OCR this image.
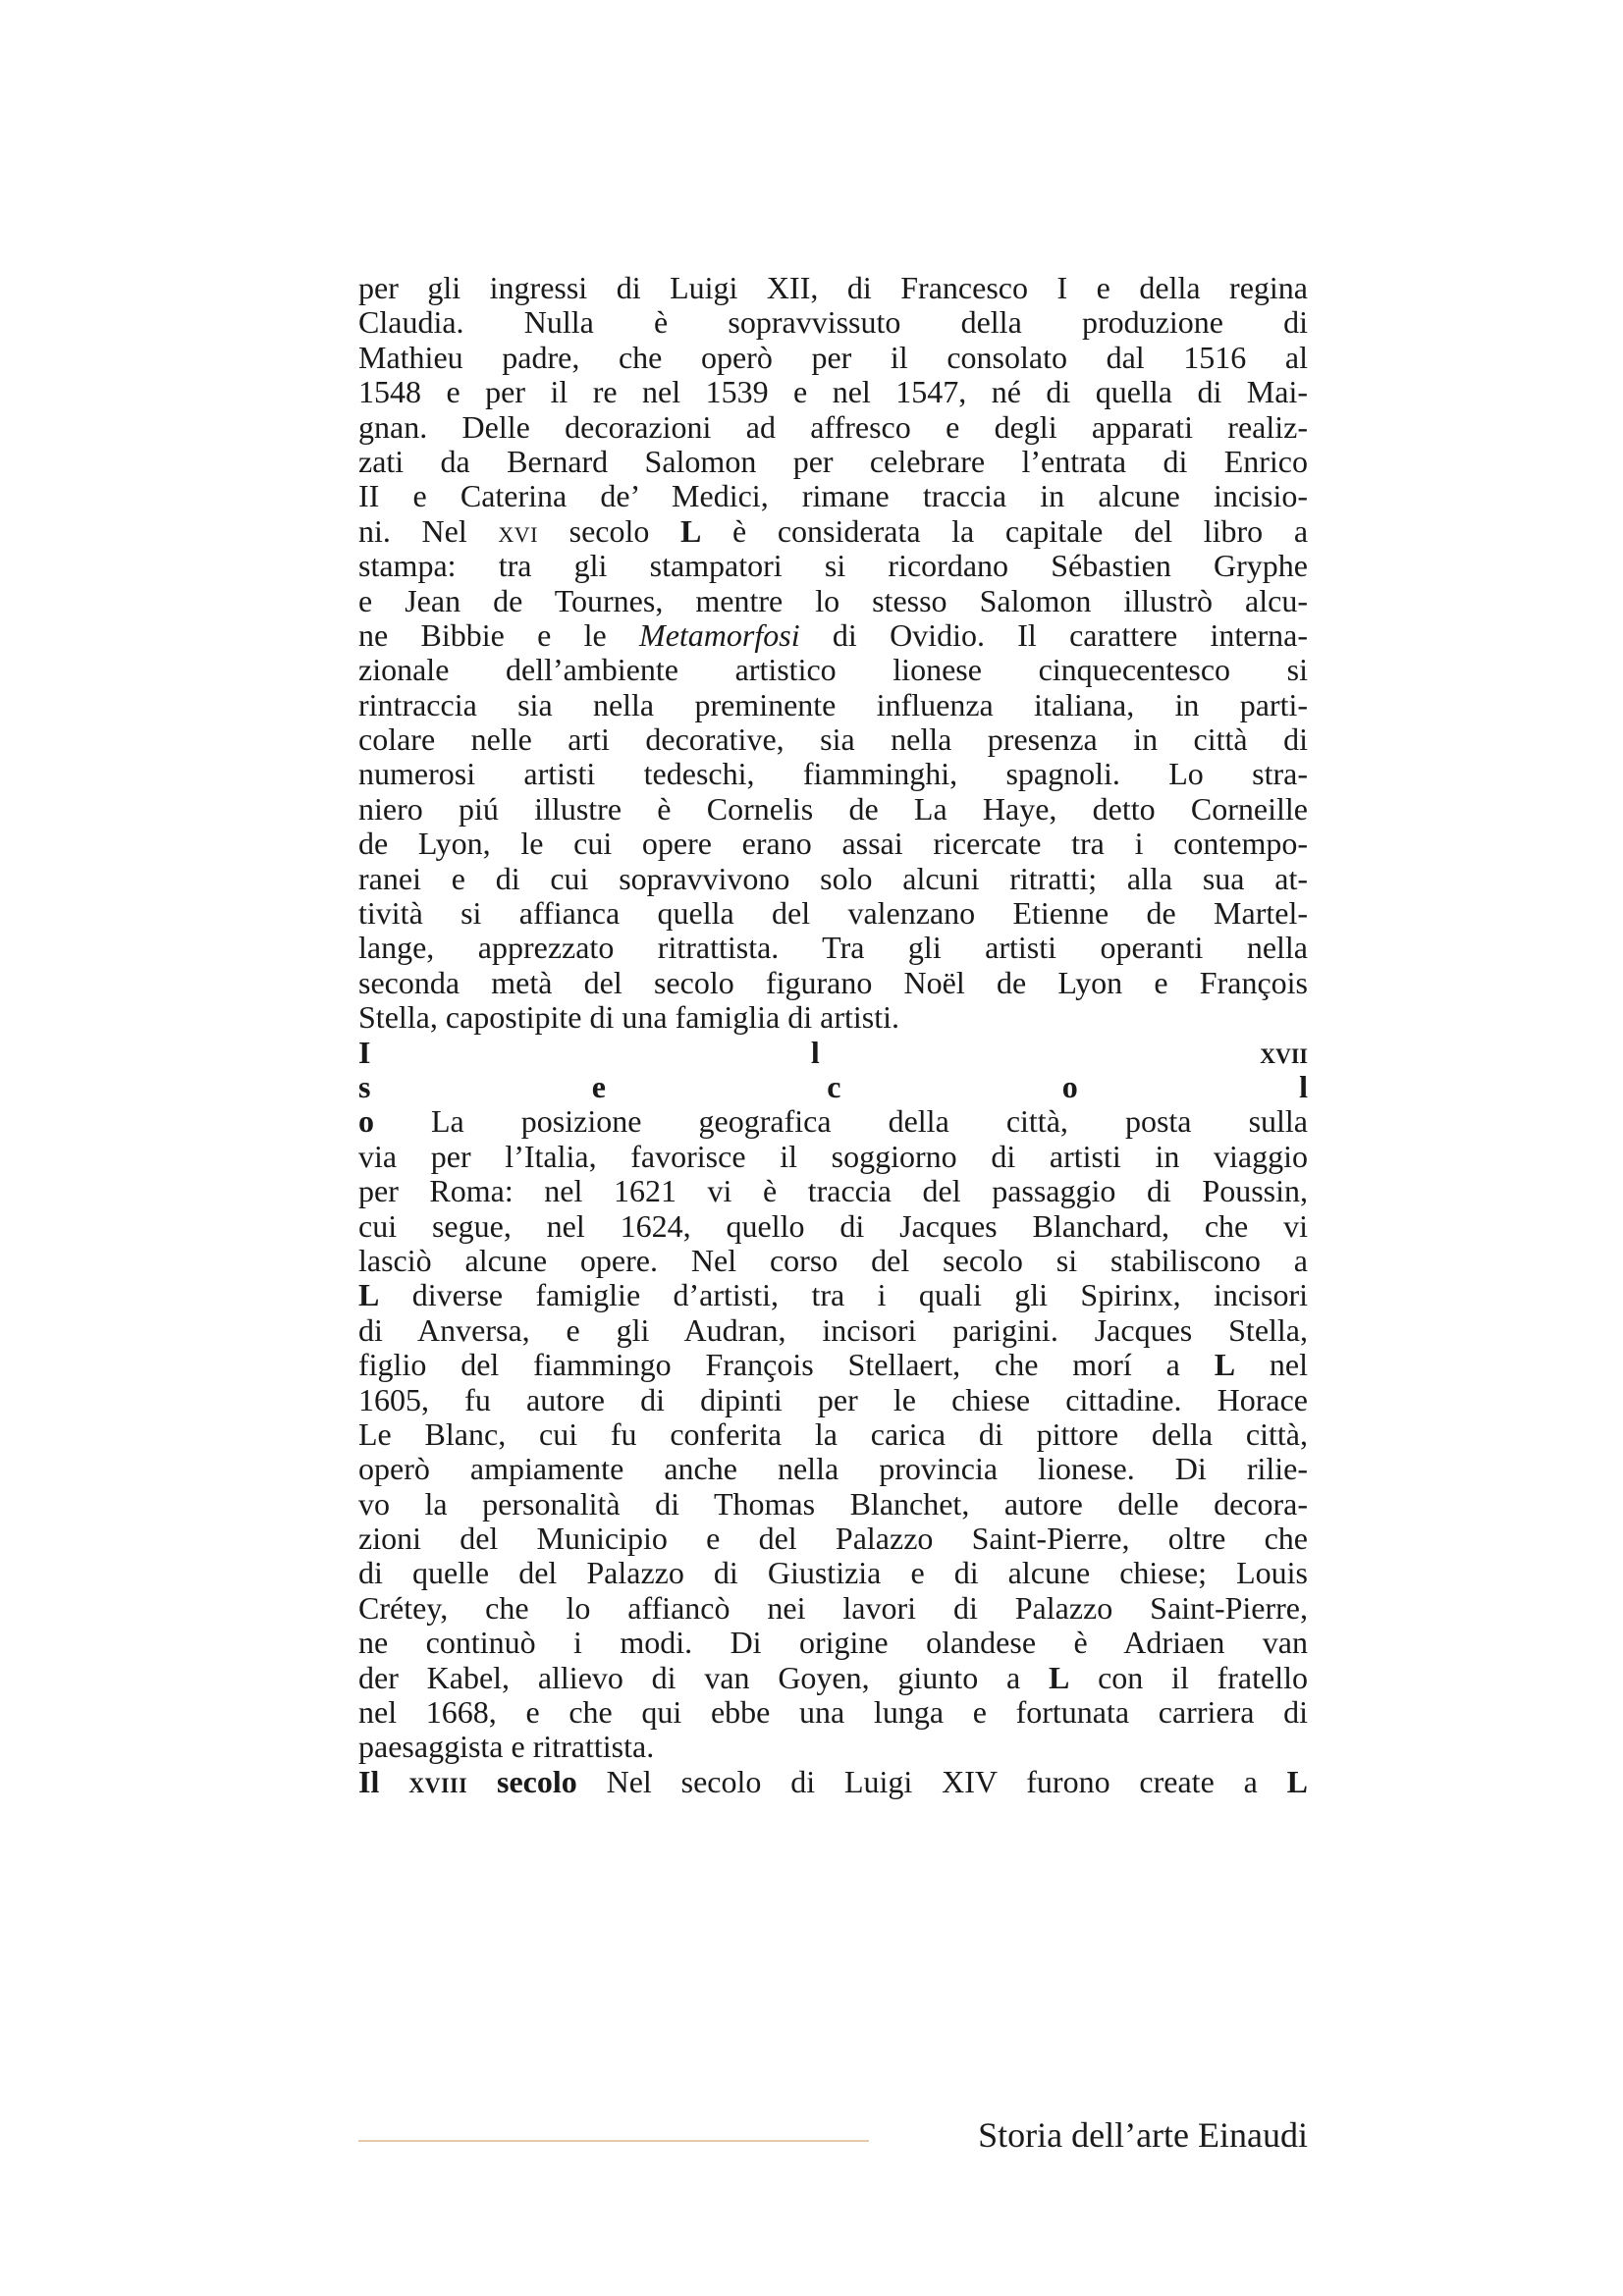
per gli ingressi di Luigi XII, di Francesco I e della regina
Claudia. Nulla è sopravvissuto della produzione di
Mathieu padre, che operò per il consolato dal 1516 al
1548 e per il re nel 1539 e nel 1547, né di quella di Mai-
gnan. Delle decorazioni ad affresco e degli apparati realiz-
zati da Bernard Salomon per celebrare l’entrata di Enrico
II e Caterina de’ Medici, rimane traccia in alcune incisio-
ni. Nel xvi secolo L è considerata la capitale del libro a
stampa: tra gli stampatori si ricordano Sébastien Gryphe
e Jean de Tournes, mentre lo stesso Salomon illustrò alcu-
ne Bibbie e le Metamorfosi di Ovidio. Il carattere interna-
zionale dell’ambiente artistico lionese cinquecentesco si
rintraccia sia nella preminente influenza italiana, in parti-
colare nelle arti decorative, sia nella presenza in città di
numerosi artisti tedeschi, fiamminghi, spagnoli. Lo stra-
niero piú illustre è Cornelis de La Haye, detto Corneille
de Lyon, le cui opere erano assai ricercate tra i contempo-
ranei e di cui sopravvivono solo alcuni ritratti; alla sua at-
tività si affianca quella del valenzano Etienne de Martel-
lange, apprezzato ritrattista. Tra gli artisti operanti nella
seconda metà del secolo figurano Noël de Lyon e François
Stella, capostipite di una famiglia di artisti.
I	l	xvii
s	e	c	o	l
o La posizione geografica della città, posta sulla
via per l’Italia, favorisce il soggiorno di artisti in viaggio
per Roma: nel 1621 vi è traccia del passaggio di Poussin,
cui segue, nel 1624, quello di Jacques Blanchard, che vi
lasciò alcune opere. Nel corso del secolo si stabiliscono a
L diverse famiglie d’artisti, tra i quali gli Spirinx, incisori
di Anversa, e gli Audran, incisori parigini. Jacques Stella,
figlio del fiammingo François Stellaert, che morí a L nel
1605, fu autore di dipinti per le chiese cittadine. Horace
Le Blanc, cui fu conferita la carica di pittore della città,
operò ampiamente anche nella provincia lionese. Di rilie-
vo la personalità di Thomas Blanchet, autore delle decora-
zioni del Municipio e del Palazzo Saint-Pierre, oltre che
di quelle del Palazzo di Giustizia e di alcune chiese; Louis
Crétey, che lo affiancò nei lavori di Palazzo Saint-Pierre,
ne continuò i modi. Di origine olandese è Adriaen van
der Kabel, allievo di van Goyen, giunto a L con il fratello
nel 1668, e che qui ebbe una lunga e fortunata carriera di
paesaggista e ritrattista.
Il xviii secolo Nel secolo di Luigi XIV furono create a L
Storia dell’arte Einaudi
